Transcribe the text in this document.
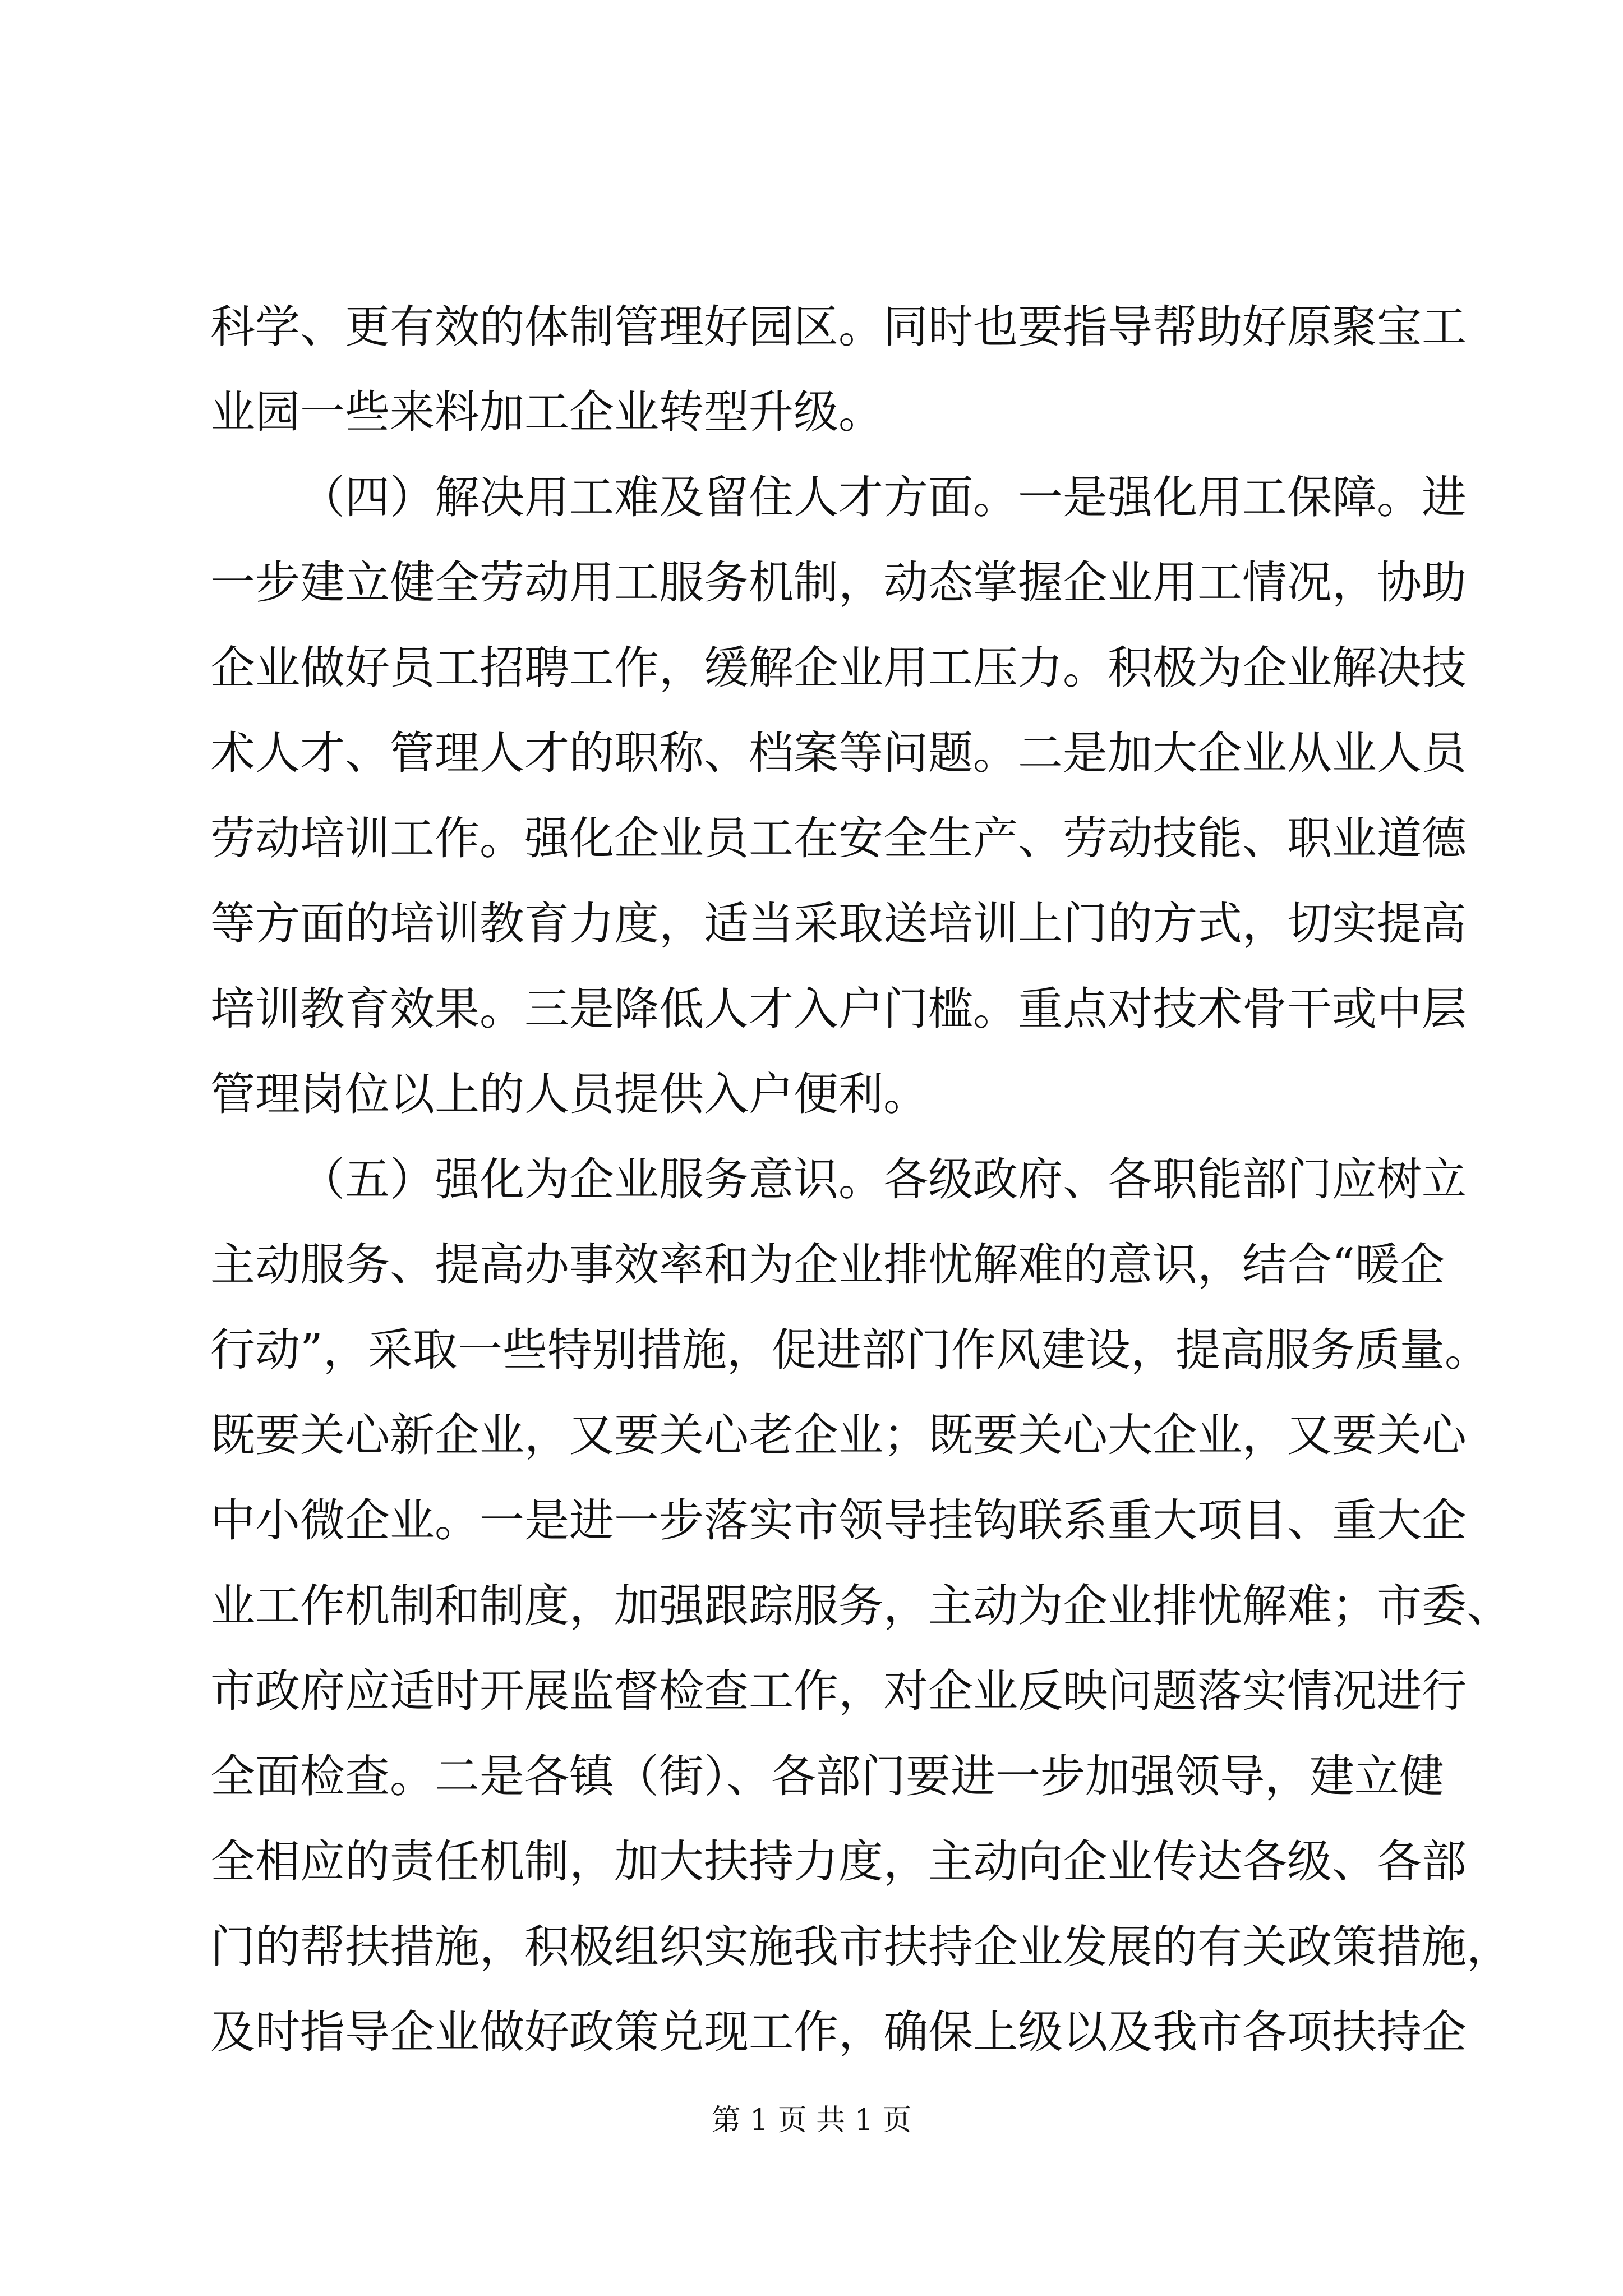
科学、更有效的体制管理好园区。同时也要指导帮助好原聚宝工
业园一些来料加工企业转型升级。
（四）解决用工难及留住人才方面。一是强化用工保障。进
一步建立健全劳动用工服务机制，动态掌握企业用工情况，协助
企业做好员工招聘工作，缓解企业用工压力。积极为企业解决技
术人才、管理人才的职称、档案等问题。二是加大企业从业人员
劳动培训工作。强化企业员工在安全生产、劳动技能、职业道德
等方面的培训教育力度，适当采取送培训上门的方式，切实提高
培训教育效果。三是降低人才入户门槛。重点对技术骨干或中层
管理岗位以上的人员提供入户便利。
（五）强化为企业服务意识。各级政府、各职能部门应树立
主动服务、提高办事效率和为企业排忧解难的意识，结合“暖企
行动”，采取一些特别措施，促进部门作风建设，提高服务质量。
既要关心新企业，又要关心老企业；既要关心大企业，又要关心
中小微企业。一是进一步落实市领导挂钩联系重大项目、重大企
业工作机制和制度，加强跟踪服务，主动为企业排忧解难；市委、
市政府应适时开展监督检查工作，对企业反映问题落实情况进行
全面检查。二是各镇（街）、各部门要进一步加强领导，建立健
全相应的责任机制，加大扶持力度，主动向企业传达各级、各部
门的帮扶措施，积极组织实施我市扶持企业发展的有关政策措施，
及时指导企业做好政策兑现工作，确保上级以及我市各项扶持企
第 1 页 共 1 页
